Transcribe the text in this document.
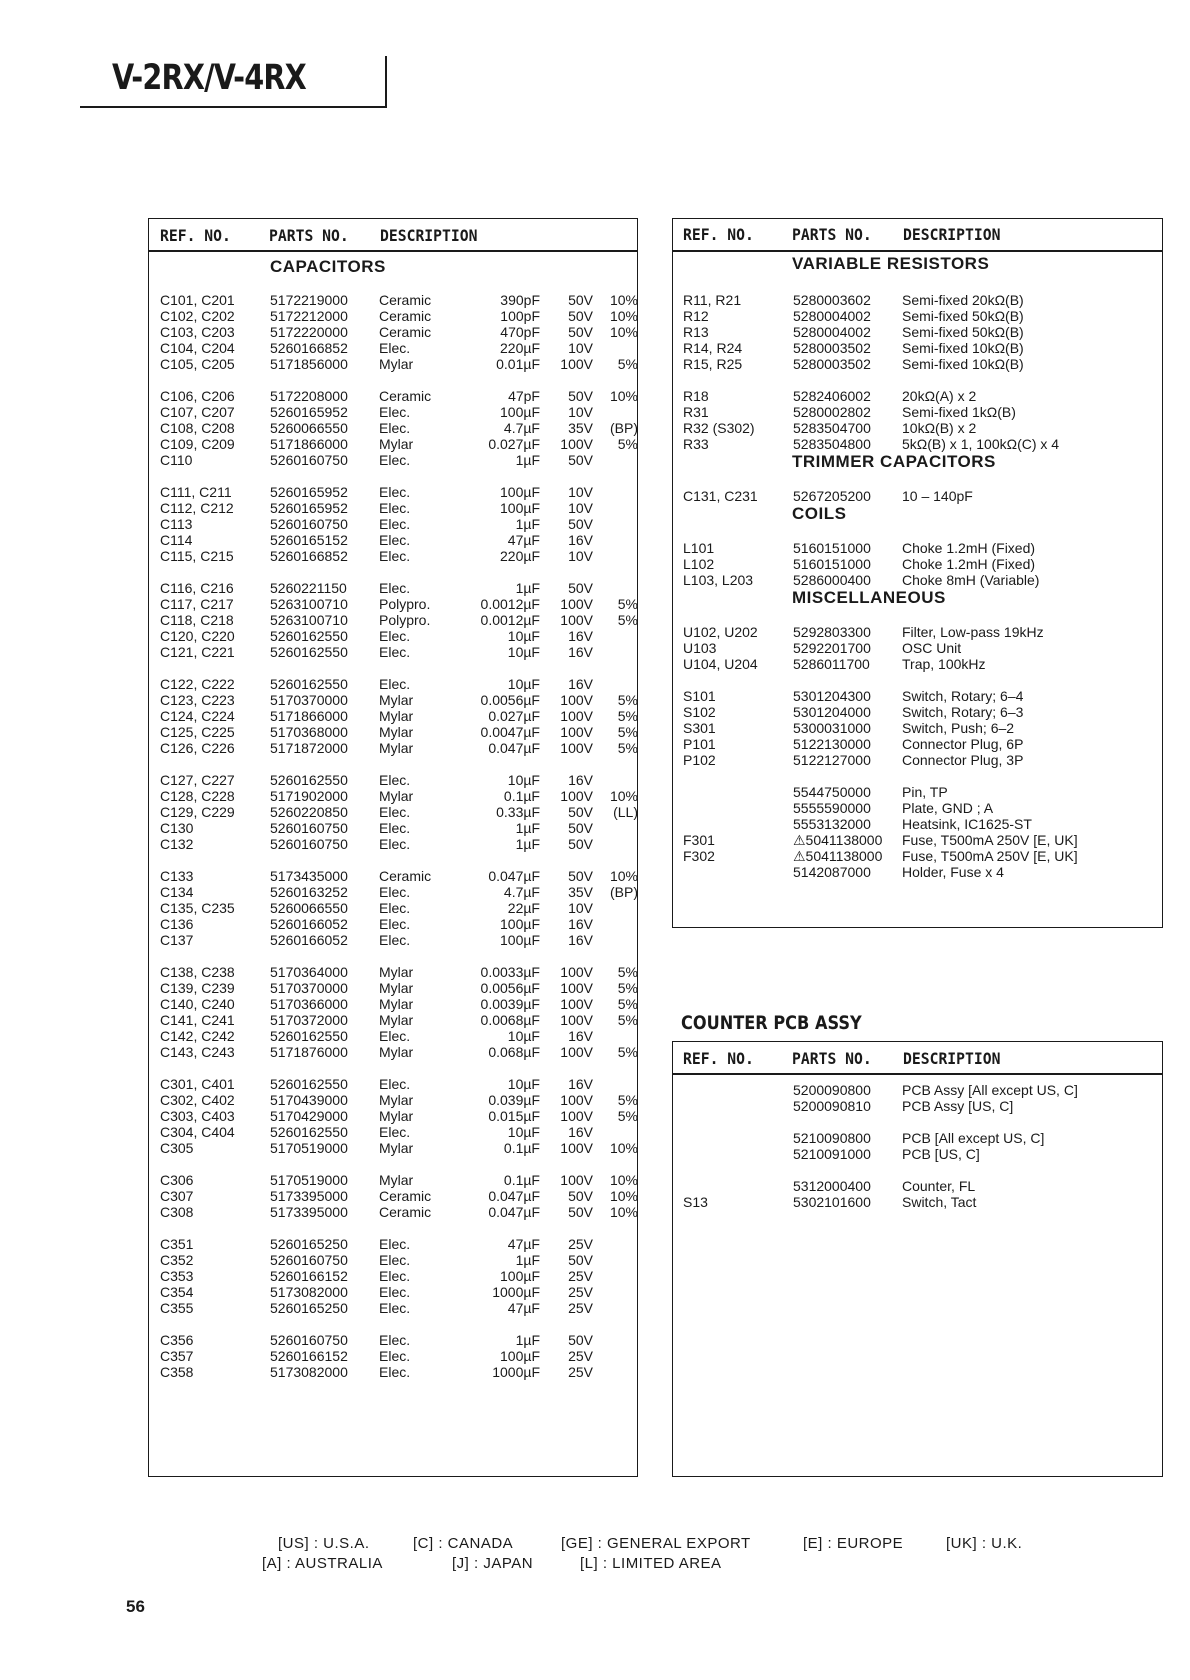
V-2RX/V-4RX
REF. NO. PARTS NO. DESCRIPTION
CAPACITORS
C101, C201	5172219000 Ceramic	390pF	50V	10%
C102, C202	5172212000 Ceramic	100pF	50V	10%
C103, C203	5172220000 Ceramic	470pF	50V	10%
C104, C204	5260166852 Elec.	220µF	10V
C105, C205	5171856000 Mylar	0.01µF	100V	5%
C106, C206	5172208000 Ceramic	47pF	50V	10%
C107, C207	5260165952 Elec.	100µF	10V
C108, C208	5260066550 Elec.	4.7µF	35V	(BP)
C109, C209	5171866000 Mylar	0.027µF	100V	5%
C110	5260160750 Elec.	1µF	50V
C111, C211	5260165952 Elec.	100µF	10V
C112, C212	5260165952 Elec.	100µF	10V
C113	5260160750 Elec.	1µF	50V
C114	5260165152 Elec.	47µF	16V
C115, C215	5260166852 Elec.	220µF	10V
C116, C216	5260221150 Elec.	1µF	50V
C117, C217	5263100710 Polypro.	0.0012µF	100V	5%
C118, C218	5263100710 Polypro.	0.0012µF	100V	5%
C120, C220	5260162550 Elec.	10µF	16V
C121, C221	5260162550 Elec.	10µF	16V
C122, C222	5260162550 Elec.	10µF	16V
C123, C223	5170370000 Mylar	0.0056µF	100V	5%
C124, C224	5171866000 Mylar	0.027µF	100V	5%
C125, C225	5170368000 Mylar	0.0047µF	100V	5%
C126, C226	5171872000 Mylar	0.047µF	100V	5%
C127, C227	5260162550 Elec.	10µF	16V
C128, C228	5171902000 Mylar	0.1µF	100V	10%
C129, C229	5260220850 Elec.	0.33µF	50V	(LL)
C130	5260160750 Elec.	1µF	50V
C132	5260160750 Elec.	1µF	50V
C133	5173435000 Ceramic	0.047µF	50V	10%
C134	5260163252 Elec.	4.7µF	35V	(BP)
C135, C235	5260066550 Elec.	22µF	10V
C136	5260166052 Elec.	100µF	16V
C137	5260166052 Elec.	100µF	16V
C138, C238	5170364000 Mylar	0.0033µF	100V	5%
C139, C239	5170370000 Mylar	0.0056µF	100V	5%
C140, C240	5170366000 Mylar	0.0039µF	100V	5%
C141, C241	5170372000 Mylar	0.0068µF	100V	5%
C142, C242	5260162550 Elec.	10µF	16V
C143, C243	5171876000 Mylar	0.068µF	100V	5%
C301, C401	5260162550 Elec.	10µF	16V
C302, C402	5170439000 Mylar	0.039µF	100V	5%
C303, C403	5170429000 Mylar	0.015µF	100V	5%
C304, C404	5260162550 Elec.	10µF	16V
C305	5170519000 Mylar	0.1µF	100V	10%
C306	5170519000 Mylar	0.1µF	100V	10%
C307	5173395000 Ceramic	0.047µF	50V	10%
C308	5173395000 Ceramic	0.047µF	50V	10%
C351	5260165250 Elec.	47µF	25V
C352	5260160750 Elec.	1µF	50V
C353	5260166152 Elec.	100µF	25V
C354	5173082000 Elec.	1000µF	25V
C355	5260165250 Elec.	47µF	25V
C356	5260160750 Elec.	1µF	50V
C357	5260166152 Elec.	100µF	25V
C358	5173082000 Elec.	1000µF	25V
REF. NO. PARTS NO. DESCRIPTION
VARIABLE RESISTORS
R11, R21	5280003602 Semi-fixed 20kΩ(B)
R12	5280004002 Semi-fixed 50kΩ(B)
R13	5280004002 Semi-fixed 50kΩ(B)
R14, R24	5280003502 Semi-fixed 10kΩ(B)
R15, R25	5280003502 Semi-fixed 10kΩ(B)
R18	5282406002 20kΩ(A) x 2
R31	5280002802 Semi-fixed 1kΩ(B)
R32 (S302)	5283504700 10kΩ(B) x 2
R33	5283504800 5kΩ(B) x 1, 100kΩ(C) x 4
TRIMMER CAPACITORS
C131, C231	5267205200 10 – 140pF
COILS
L101	5160151000 Choke 1.2mH (Fixed)
L102	5160151000 Choke 1.2mH (Fixed)
L103, L203	5286000400 Choke 8mH (Variable)
MISCELLANEOUS
U102, U202	5292803300 Filter, Low-pass 19kHz
U103	5292201700 OSC Unit
U104, U204	5286011700 Trap, 100kHz
S101	5301204300 Switch, Rotary; 6–4
S102	5301204000 Switch, Rotary; 6–3
S301	5300031000 Switch, Push; 6–2
P101	5122130000 Connector Plug, 6P
P102	5122127000 Connector Plug, 3P
5544750000 Pin, TP
5555590000 Plate, GND ; A
5553132000 Heatsink, IC1625-ST
F301	⚠5041138000 Fuse, T500mA 250V [E, UK]
F302	⚠5041138000 Fuse, T500mA 250V [E, UK]
5142087000 Holder, Fuse x 4
COUNTER PCB ASSY
REF. NO. PARTS NO. DESCRIPTION
5200090800 PCB Assy [All except US, C]
5200090810 PCB Assy [US, C]
5210090800 PCB [All except US, C]
5210091000 PCB [US, C]
5312000400 Counter, FL
S13	5302101600 Switch, Tact
[US] : U.S.A.	[C] : CANADA	[GE] : GENERAL EXPORT	[E] : EUROPE	[UK] : U.K.
[A] : AUSTRALIA	[J] : JAPAN	[L] : LIMITED AREA
56
